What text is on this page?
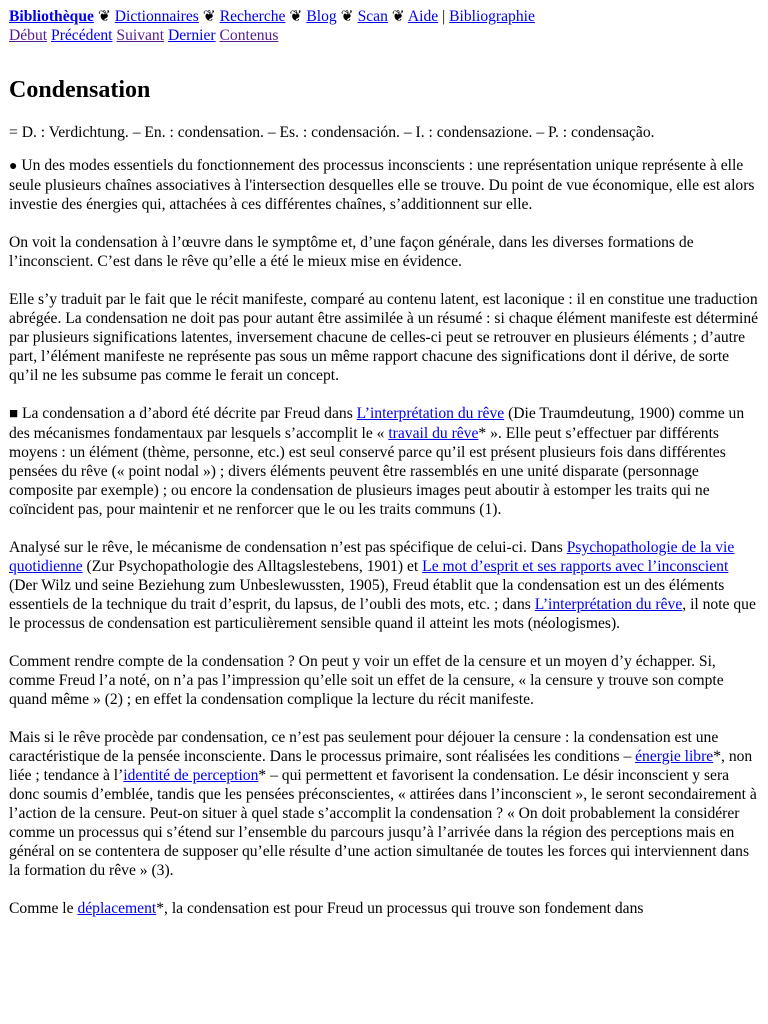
Bibliothèque ❦ Dictionnaires ❦ Recherche ❦ Blog ❦ Scan ❦ Aide | Bibliographie
Début Précédent Suivant Dernier Contenus
Condensation

= D. : Verdichtung. – En. : condensation. – Es. : condensación. – I. : condensazione. – P. : condensação.

● Un des modes essentiels du fonctionnement des processus inconscients : une représentation unique représente à elle seule plusieurs chaînes associatives à l'intersection desquelles elle se trouve. Du point de vue économique, elle est alors investie des énergies qui, attachées à ces différentes chaînes, s’additionnent sur elle.

On voit la condensation à l’œuvre dans le symptôme et, d’une façon générale, dans les diverses formations de l’inconscient. C’est dans le rêve qu’elle a été le mieux mise en évidence.

Elle s’y traduit par le fait que le récit manifeste, comparé au contenu latent, est laconique : il en constitue une traduction abrégée. La condensation ne doit pas pour autant être assimilée à un résumé : si chaque élément manifeste est déterminé par plusieurs significations latentes, inversement chacune de celles-ci peut se retrouver en plusieurs éléments ; d’autre part, l’élément manifeste ne représente pas sous un même rapport chacune des significations dont il dérive, de sorte qu’il ne les subsume pas comme le ferait un concept.

■ La condensation a d’abord été décrite par Freud dans L’interprétation du rêve (Die Traumdeutung, 1900) comme un des mécanismes fondamentaux par lesquels s’accomplit le « travail du rêve* ». Elle peut s’effectuer par différents moyens : un élément (thème, personne, etc.) est seul conservé parce qu’il est présent plusieurs fois dans différentes pensées du rêve (« point nodal ») ; divers éléments peuvent être rassemblés en une unité disparate (personnage composite par exemple) ; ou encore la condensation de plusieurs images peut aboutir à estomper les traits qui ne coïncident pas, pour maintenir et ne renforcer que le ou les traits communs (1).

Analysé sur le rêve, le mécanisme de condensation n’est pas spécifique de celui-ci. Dans Psychopathologie de la vie quotidienne (Zur Psychopathologie des Alltagslestebens, 1901) et Le mot d’esprit et ses rapports avec l’inconscient (Der Wilz und seine Beziehung zum Unbeslewussten, 1905), Freud établit que la condensation est un des éléments essentiels de la technique du trait d’esprit, du lapsus, de l’oubli des mots, etc. ; dans L’interprétation du rêve, il note que le processus de condensation est particulièrement sensible quand il atteint les mots (néologismes).

Comment rendre compte de la condensation ? On peut y voir un effet de la censure et un moyen d’y échapper. Si, comme Freud l’a noté, on n’a pas l’impression qu’elle soit un effet de la censure, « la censure y trouve son compte quand même » (2) ; en effet la condensation complique la lecture du récit manifeste.

Mais si le rêve procède par condensation, ce n’est pas seulement pour déjouer la censure : la condensation est une caractéristique de la pensée inconsciente. Dans le processus primaire, sont réalisées les conditions – énergie libre*, non liée ; tendance à l’identité de perception* – qui permettent et favorisent la condensation. Le désir inconscient y sera donc soumis d’emblée, tandis que les pensées préconscientes, « attirées dans l’inconscient », le seront secondairement à l’action de la censure. Peut-on situer à quel stade s’accomplit la condensation ? « On doit probablement la considérer comme un processus qui s’étend sur l’ensemble du parcours jusqu’à l’arrivée dans la région des perceptions mais en général on se contentera de supposer qu’elle résulte d’une action simultanée de toutes les forces qui interviennent dans la formation du rêve » (3).

Comme le déplacement*, la condensation est pour Freud un processus qui trouve son fondement dans
